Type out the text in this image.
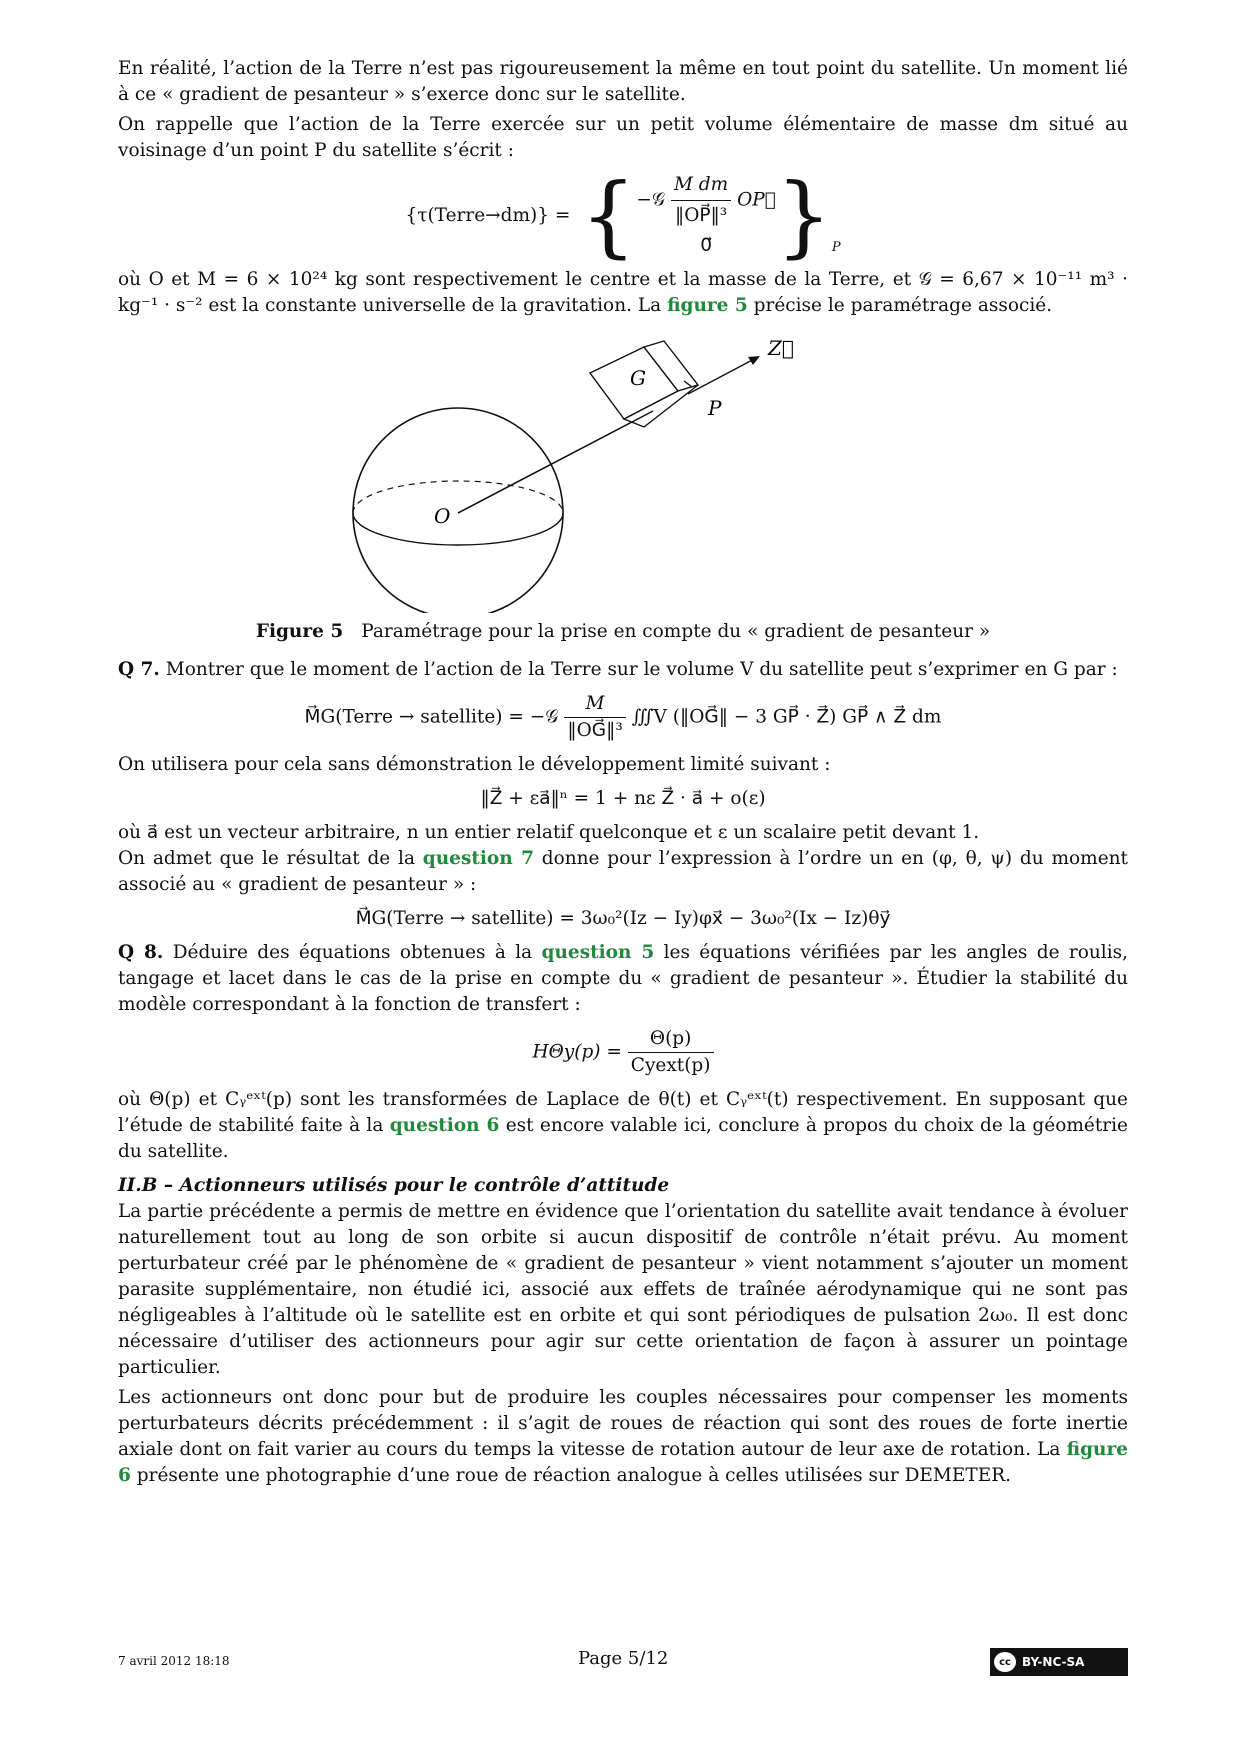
En réalité, l’action de la Terre n’est pas rigoureusement la même en tout point du satellite. Un moment lié à ce « gradient de pesanteur » s’exerce donc sur le satellite.

On rappelle que l’action de la Terre exercée sur un petit volume élémentaire de masse dm situé au voisinage d’un point P du satellite s’écrit :

{τ(Terre→dm)} = { −𝒢 $\frac{\text{M dm}}{\text{‖OP⃗‖³}}$ OP⃗
0⃗ } P

où O et M = 6 × 10²⁴ kg sont respectivement le centre et la masse de la Terre, et 𝒢 = 6,67 × 10⁻¹¹ m³ · kg⁻¹ · s⁻² est la constante universelle de la gravitation. La figure 5 précise le paramétrage associé.

Z⃗
G
P
O
Figure 5 Paramétrage pour la prise en compte du « gradient de pesanteur »

Q 7. Montrer que le moment de l’action de la Terre sur le volume V du satellite peut s’exprimer en G par :

M⃗G(Terre → satellite) = −𝒢 $\frac{M}{\text{‖OG⃗‖³}}$ ∭V (‖OG⃗‖ − 3 GP⃗ · Z⃗) GP⃗ ∧ Z⃗ dm

On utilisera pour cela sans démonstration le développement limité suivant :

‖Z⃗ + εa⃗‖ⁿ = 1 + nε Z⃗ · a⃗ + o(ε)

où a⃗ est un vecteur arbitraire, n un entier relatif quelconque et ε un scalaire petit devant 1.

On admet que le résultat de la question 7 donne pour l’expression à l’ordre un en (φ, θ, ψ) du moment associé au « gradient de pesanteur » :

M⃗G(Terre → satellite) = 3ω₀²(Iz − Iy)φx⃗ − 3ω₀²(Ix − Iz)θy⃗

Q 8. Déduire des équations obtenues à la question 5 les équations vérifiées par les angles de roulis, tangage et lacet dans le cas de la prise en compte du « gradient de pesanteur ». Étudier la stabilité du modèle correspondant à la fonction de transfert :

$H\Theta y(p) = \frac{\Theta(p)}{\text{Cyext(p)}}$

où Θ(p) et Cᵧᵉˣᵗ(p) sont les transformées de Laplace de θ(t) et Cᵧᵉˣᵗ(t) respectivement. En supposant que l’étude de stabilité faite à la question 6 est encore valable ici, conclure à propos du choix de la géométrie du satellite.

II.B – Actionneurs utilisés pour le contrôle d’attitude

La partie précédente a permis de mettre en évidence que l’orientation du satellite avait tendance à évoluer naturellement tout au long de son orbite si aucun dispositif de contrôle n’était prévu. Au moment perturbateur créé par le phénomène de « gradient de pesanteur » vient notamment s’ajouter un moment parasite supplémentaire, non étudié ici, associé aux effets de traînée aérodynamique qui ne sont pas négligeables à l’altitude où le satellite est en orbite et qui sont périodiques de pulsation 2ω₀. Il est donc nécessaire d’utiliser des actionneurs pour agir sur cette orientation de façon à assurer un pointage particulier.

Les actionneurs ont donc pour but de produire les couples nécessaires pour compenser les moments perturbateurs décrits précédemment : il s’agit de roues de réaction qui sont des roues de forte inertie axiale dont on fait varier au cours du temps la vitesse de rotation autour de leur axe de rotation. La figure 6 présente une photographie d’une roue de réaction analogue à celles utilisées sur DEMETER.

7 avril 2012 18:18	Page 5/12	cc BY-NC-SA
